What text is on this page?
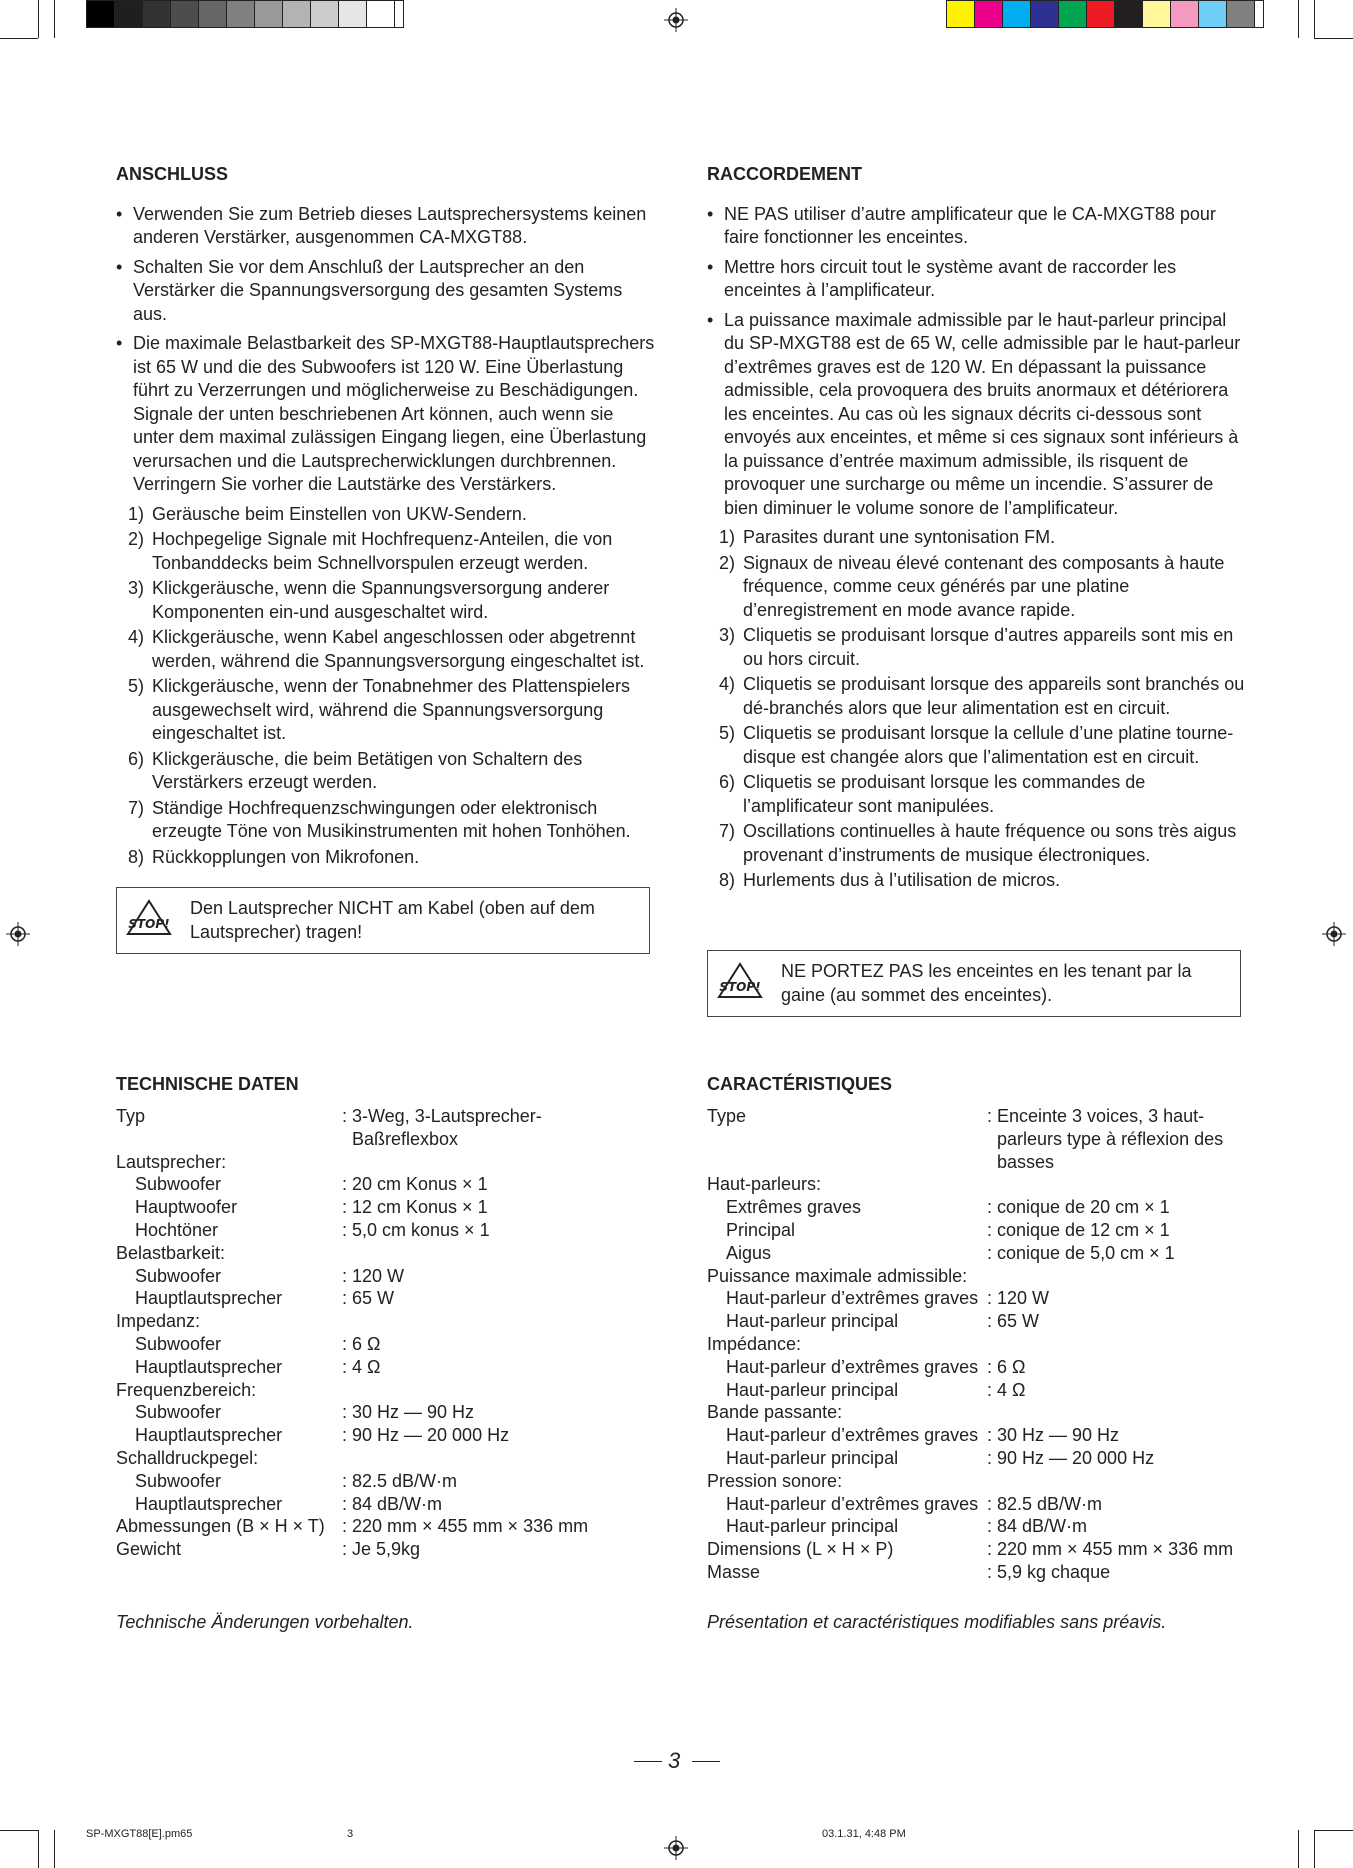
ANSCHLUSS
• Verwenden Sie zum Betrieb dieses Lautsprechersystems keinen anderen Verstärker, ausgenommen CA-MXGT88.
• Schalten Sie vor dem Anschluß der Lautsprecher an den Verstärker die Spannungsversorgung des gesamten Systems aus.
• Die maximale Belastbarkeit des SP-MXGT88-Hauptlautsprechers ist 65 W und die des Subwoofers ist 120 W. Eine Überlastung führt zu Verzerrungen und möglicherweise zu Beschädigungen. Signale der unten beschriebenen Art können, auch wenn sie unter dem maximal zulässigen Eingang liegen, eine Überlastung verursachen und die Lautsprecherwicklungen durchbrennen. Verringern Sie vorher die Lautstärke des Verstärkers.
1) Geräusche beim Einstellen von UKW-Sendern.
2) Hochpegelige Signale mit Hochfrequenz-Anteilen, die von Tonbanddecks beim Schnellvorspulen erzeugt werden.
3) Klickgeräusche, wenn die Spannungsversorgung anderer Komponenten ein-und ausgeschaltet wird.
4) Klickgeräusche, wenn Kabel angeschlossen oder abgetrennt werden, während die Spannungsversorgung eingeschaltet ist.
5) Klickgeräusche, wenn der Tonabnehmer des Plattenspielers ausgewechselt wird, während die Spannungsversorgung eingeschaltet ist.
6) Klickgeräusche, die beim Betätigen von Schaltern des Verstärkers erzeugt werden.
7) Ständige Hochfrequenzschwingungen oder elektronisch erzeugte Töne von Musikinstrumenten mit hohen Tonhöhen.
8) Rückkopplungen von Mikrofonen.
STOP!
Den Lautsprecher NICHT am Kabel (oben auf dem Lautsprecher) tragen!
RACCORDEMENT
• NE PAS utiliser d’autre amplificateur que le CA-MXGT88 pour faire fonctionner les enceintes.
• Mettre hors circuit tout le système avant de raccorder les enceintes à l’amplificateur.
• La puissance maximale admissible par le haut-parleur principal du SP-MXGT88 est de 65 W, celle admissible par le haut-parleur d’extrêmes graves est de 120 W. En dépassant la puissance admissible, cela provoquera des bruits anormaux et détériorera les enceintes. Au cas où les signaux décrits ci-dessous sont envoyés aux enceintes, et même si ces signaux sont inférieurs à la puissance d’entrée maximum admissible, ils risquent de provoquer une surcharge ou même un incendie. S’assurer de bien diminuer le volume sonore de l’amplificateur.
1) Parasites durant une syntonisation FM.
2) Signaux de niveau élevé contenant des composants à haute fréquence, comme ceux générés par une platine d’enregistrement en mode avance rapide.
3) Cliquetis se produisant lorsque d’autres appareils sont mis en ou hors circuit.
4) Cliquetis se produisant lorsque des appareils sont branchés ou dé-branchés alors que leur alimentation est en circuit.
5) Cliquetis se produisant lorsque la cellule d’une platine tourne-disque est changée alors que l’alimentation est en circuit.
6) Cliquetis se produisant lorsque les commandes de l’amplificateur sont manipulées.
7) Oscillations continuelles à haute fréquence ou sons très aigus provenant d’instruments de musique électroniques.
8) Hurlements dus à l’utilisation de micros.
STOP!
NE PORTEZ PAS les enceintes en les tenant par la gaine (au sommet des enceintes).
TECHNISCHE DATEN
Typ	:	3-Weg, 3-Lautsprecher-
Baßreflexbox
Lautsprecher:		
Subwoofer	:	20 cm Konus × 1
Hauptwoofer	:	12 cm Konus × 1
Hochtöner	:	5,0 cm konus × 1
Belastbarkeit:		
Subwoofer	:	120 W
Hauptlautsprecher	:	65 W
Impedanz:		
Subwoofer	:	6 Ω
Hauptlautsprecher	:	4 Ω
Frequenzbereich:		
Subwoofer	:	30 Hz — 90 Hz
Hauptlautsprecher	:	90 Hz — 20 000 Hz
Schalldruckpegel:		
Subwoofer	:	82.5 dB/W·m
Hauptlautsprecher	:	84 dB/W·m
Abmessungen (B × H × T)	:	220 mm × 455 mm × 336 mm
Gewicht	:	Je 5,9kg
Technische Änderungen vorbehalten.
CARACTÉRISTIQUES
Type	:	Enceinte 3 voices, 3 haut-
parleurs type à réflexion des
basses
Haut-parleurs:		
Extrêmes graves	:	conique de 20 cm × 1
Principal	:	conique de 12 cm × 1
Aigus	:	conique de 5,0 cm × 1
Puissance maximale admissible:		
Haut-parleur d’extrêmes graves	:	120 W
Haut-parleur principal	:	65 W
Impédance:		
Haut-parleur d’extrêmes graves	:	6 Ω
Haut-parleur principal	:	4 Ω
Bande passante:		
Haut-parleur d’extrêmes graves	:	30 Hz — 90 Hz
Haut-parleur principal	:	90 Hz — 20 000 Hz
Pression sonore:		
Haut-parleur d’extrêmes graves	:	82.5 dB/W·m
Haut-parleur principal	:	84 dB/W·m
Dimensions (L × H × P)	:	220 mm × 455 mm × 336 mm
Masse	:	5,9 kg chaque
Présentation et caractéristiques modifiables sans préavis.
3
SP-MXGT88[E].pm65	3	03.1.31, 4:48 PM
